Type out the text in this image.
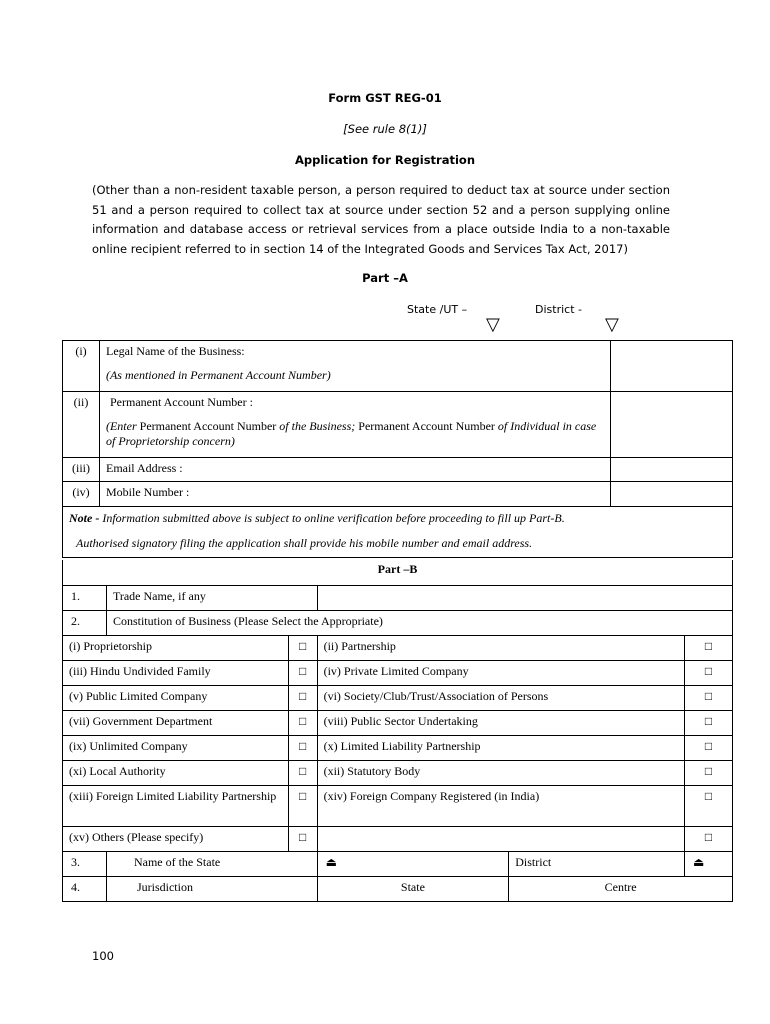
Form GST REG-01
[See rule 8(1)]
Application for Registration
(Other than a non-resident taxable person, a person required to deduct tax at source under section 51 and a person required to collect tax at source under section 52 and a person supplying online information and database access or retrieval services from a place outside India to a non-taxable online recipient referred to in section 14 of the Integrated Goods and Services Tax Act, 2017)
Part –A
State /UT –	District -
▽	▽
(i)	Legal Name of the Business:
(As mentioned in Permanent Account Number)	

(ii)	Permanent Account Number :
(Enter Permanent Account Number of the Business; Permanent Account Number of Individual in case of Proprietorship concern)	

(iii)	Email Address :	
(iv)	Mobile Number :	

Note - Information submitted above is subject to online verification before proceeding to fill up Part-B.
Authorised signatory filing the application shall provide his mobile number and email address.		
Part –B
1.	Trade Name, if any				
2.	Constitution of Business (Please Select the Appropriate)				
(i) Proprietorship		□	(ii) Partnership		□
(iii) Hindu Undivided Family		□	(iv) Private Limited Company		□
(v) Public Limited Company		□	(vi) Society/Club/Trust/Association of Persons		□
(vii) Government Department		□	(viii) Public Sector Undertaking		□
(ix) Unlimited Company		□	(x) Limited Liability Partnership		□
(xi) Local Authority		□	(xii) Statutory Body		□
(xiii) Foreign Limited Liability Partnership		□	(xiv) Foreign Company Registered (in India)		□
(xv) Others (Please specify)		□			□
3.	Name of the State		⏏	District	⏏
4.	Jurisdiction		State	Centre	
100
